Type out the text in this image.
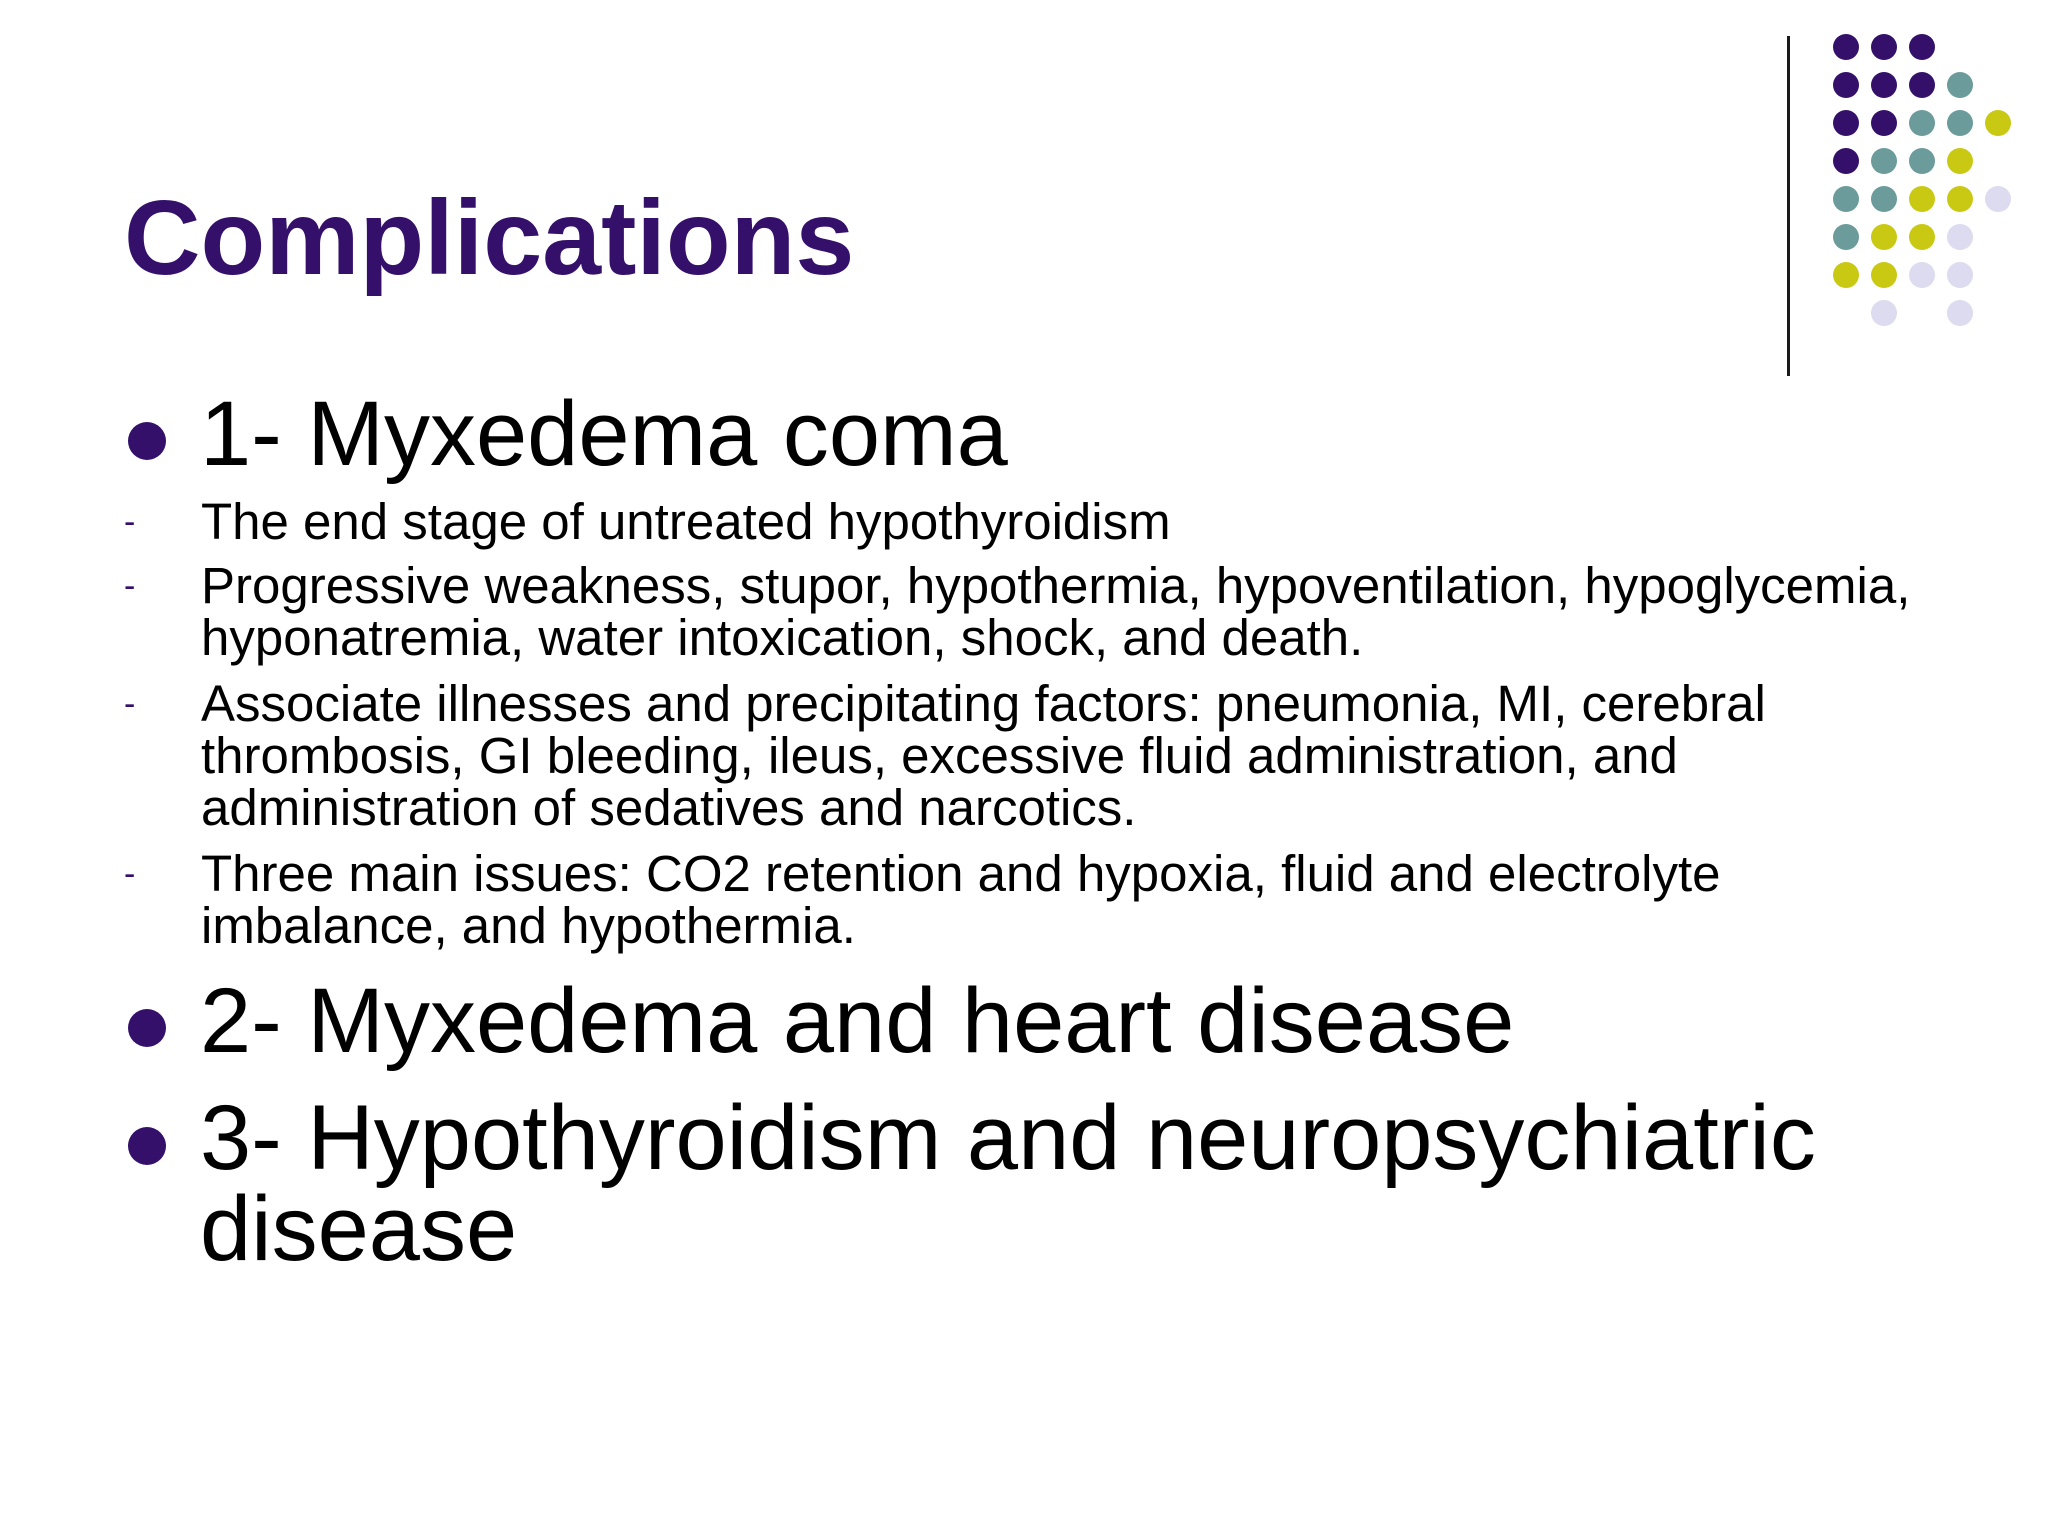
Complications
1- Myxedema coma
- The end stage of untreated hypothyroidism
- Progressive weakness, stupor, hypothermia, hypoventilation, hypoglycemia, hyponatremia, water intoxication, shock, and death.
- Associate illnesses and precipitating factors: pneumonia, MI, cerebral thrombosis, GI bleeding, ileus, excessive fluid administration, and administration of sedatives and narcotics.
- Three main issues: CO2 retention and hypoxia, fluid and electrolyte imbalance, and hypothermia.
2- Myxedema and heart disease
3- Hypothyroidism and neuropsychiatric disease
